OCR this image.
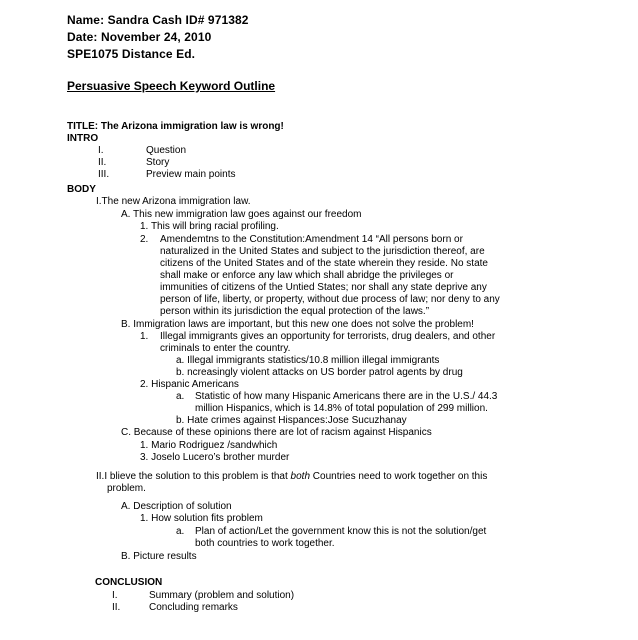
Name: Sandra Cash ID# 971382
Date: November 24, 2010
SPE1075 Distance Ed.
Persuasive Speech Keyword Outline
TITLE: The Arizona immigration law is wrong!
INTRO
I.	Question
II.	Story
III.	Preview main points
BODY
I.The new Arizona immigration law.
A. This new immigration law goes against our freedom
1. This will bring racial profiling.
2. Amendemtns to the Constitution:Amendment 14 “All persons born or
naturalized in the United States and subject to the jurisdiction thereof, are
citizens of the United States and of the state wherein they reside. No state
shall make or enforce any law which shall abridge the privileges or
immunities of citizens of the Untied States; nor shall any state deprive any
person of life, liberty, or property, without due process of law; nor deny to any
person within its jurisdiction the equal protection of the laws.”
B. Immigration laws are important, but this new one does not solve the problem!
1. Illegal immigrants gives an opportunity for terrorists, drug dealers, and other
criminals to enter the country.
a. Illegal immigrants statistics/10.8 million illegal immigrants
b. ncreasingly violent attacks on US border patrol agents by drug
2. Hispanic Americans
a. Statistic of how many Hispanic Americans there are in the U.S./ 44.3
million Hispanics, which is 14.8% of total population of 299 million.
b. Hate crimes against Hispances:Jose Sucuzhanay
C. Because of these opinions there are lot of racism against Hispanics
1. Mario Rodriguez /sandwhich
3. Joselo Lucero’s brother murder
II.I blieve the solution to this problem is that both Countries need to work together on this
problem.
A. Description of solution
1. How solution fits problem
a. Plan of action/Let the government know this is not the solution/get
both countries to work together.
B. Picture results
CONCLUSION
I.	Summary (problem and solution)
II.	Concluding remarks
